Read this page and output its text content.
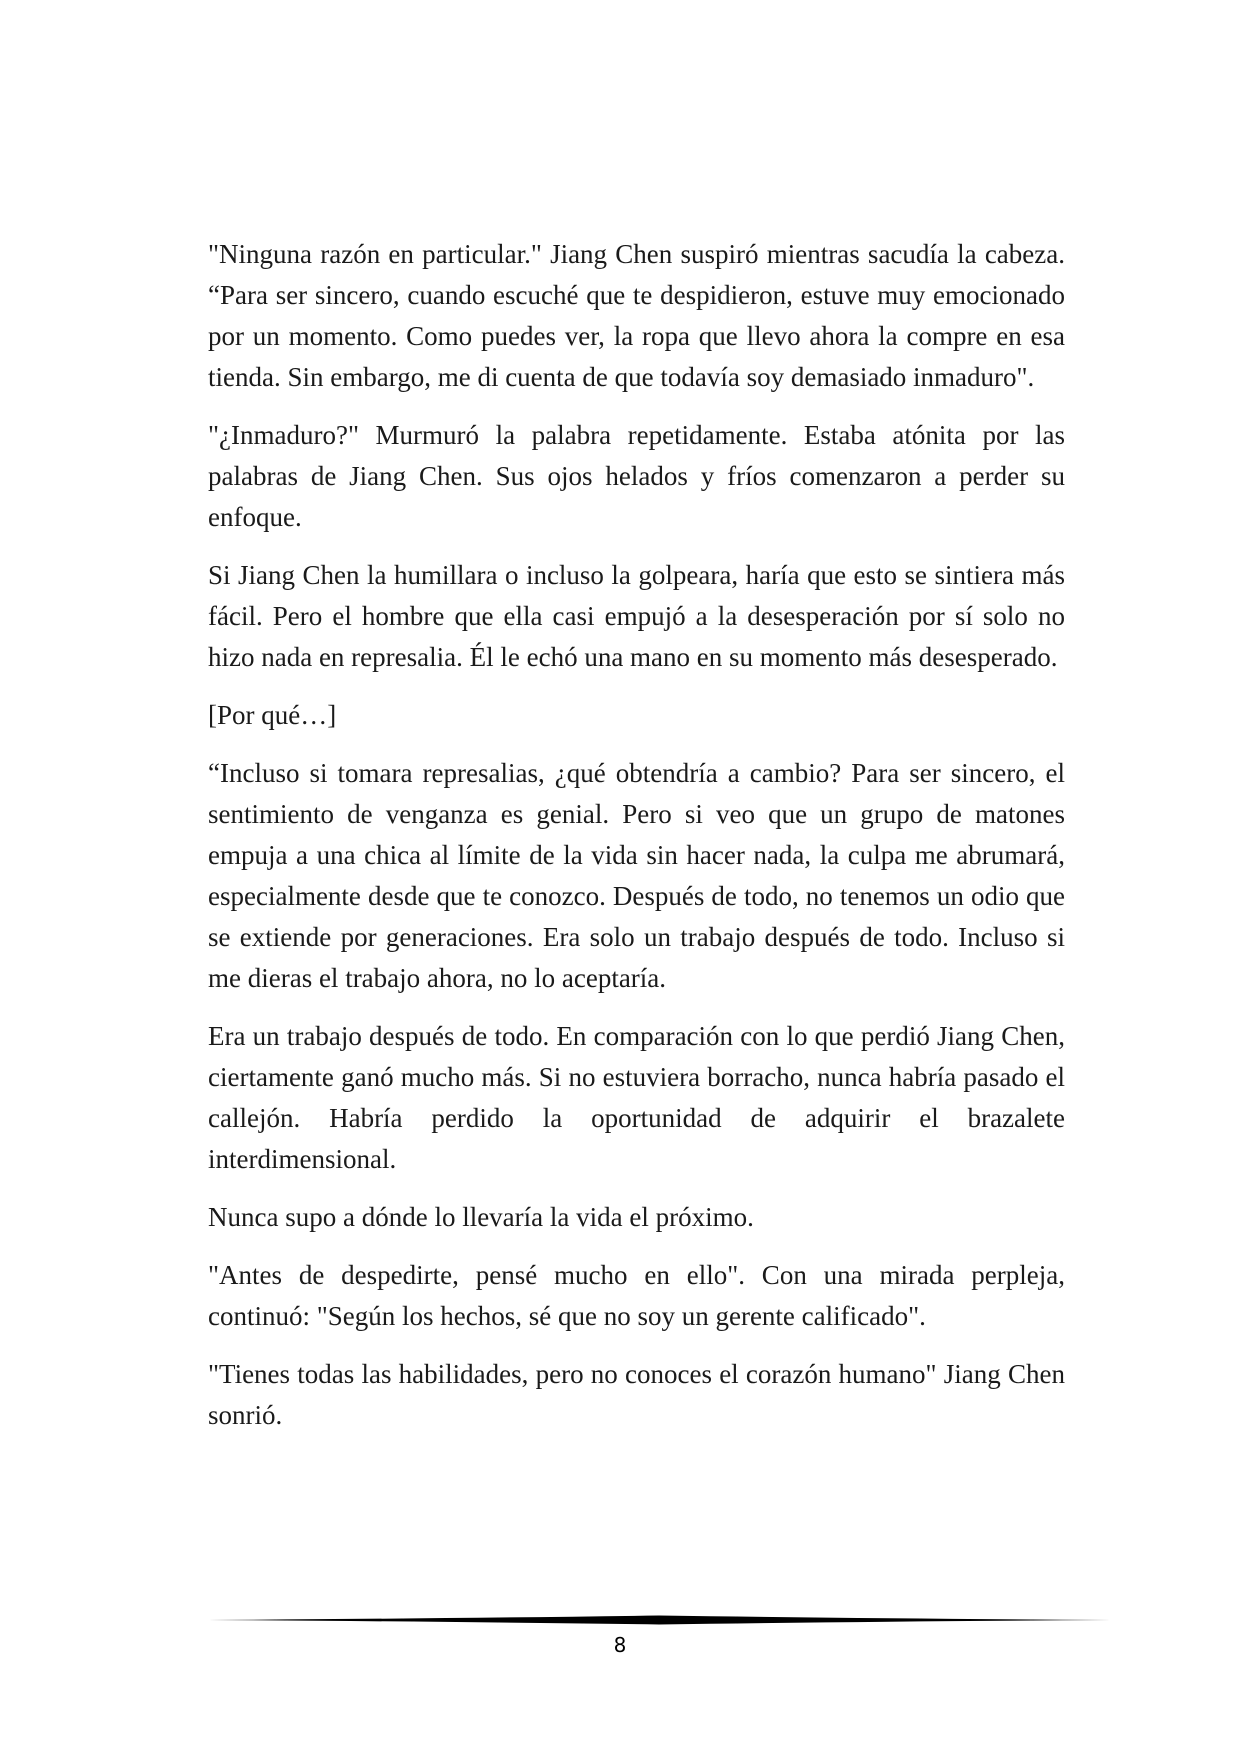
"Ninguna razón en particular." Jiang Chen suspiró mientras sacudía la cabeza. “Para ser sincero, cuando escuché que te despidieron, estuve muy emocionado por un momento. Como puedes ver, la ropa que llevo ahora la compre en esa tienda. Sin embargo, me di cuenta de que todavía soy demasiado inmaduro".

"¿Inmaduro?" Murmuró la palabra repetidamente. Estaba atónita por las palabras de Jiang Chen. Sus ojos helados y fríos comenzaron a perder su enfoque.

Si Jiang Chen la humillara o incluso la golpeara, haría que esto se sintiera más fácil. Pero el hombre que ella casi empujó a la desesperación por sí solo no hizo nada en represalia. Él le echó una mano en su momento más desesperado.

[Por qué…]

“Incluso si tomara represalias, ¿qué obtendría a cambio? Para ser sincero, el sentimiento de venganza es genial. Pero si veo que un grupo de matones empuja a una chica al límite de la vida sin hacer nada, la culpa me abrumará, especialmente desde que te conozco. Después de todo, no tenemos un odio que se extiende por generaciones. Era solo un trabajo después de todo. Incluso si me dieras el trabajo ahora, no lo aceptaría.

Era un trabajo después de todo. En comparación con lo que perdió Jiang Chen, ciertamente ganó mucho más. Si no estuviera borracho, nunca habría pasado el callejón. Habría perdido la oportunidad de adquirir el brazalete interdimensional.

Nunca supo a dónde lo llevaría la vida el próximo.

"Antes de despedirte, pensé mucho en ello". Con una mirada perpleja, continuó: "Según los hechos, sé que no soy un gerente calificado".

"Tienes todas las habilidades, pero no conoces el corazón humano" Jiang Chen sonrió.

8
